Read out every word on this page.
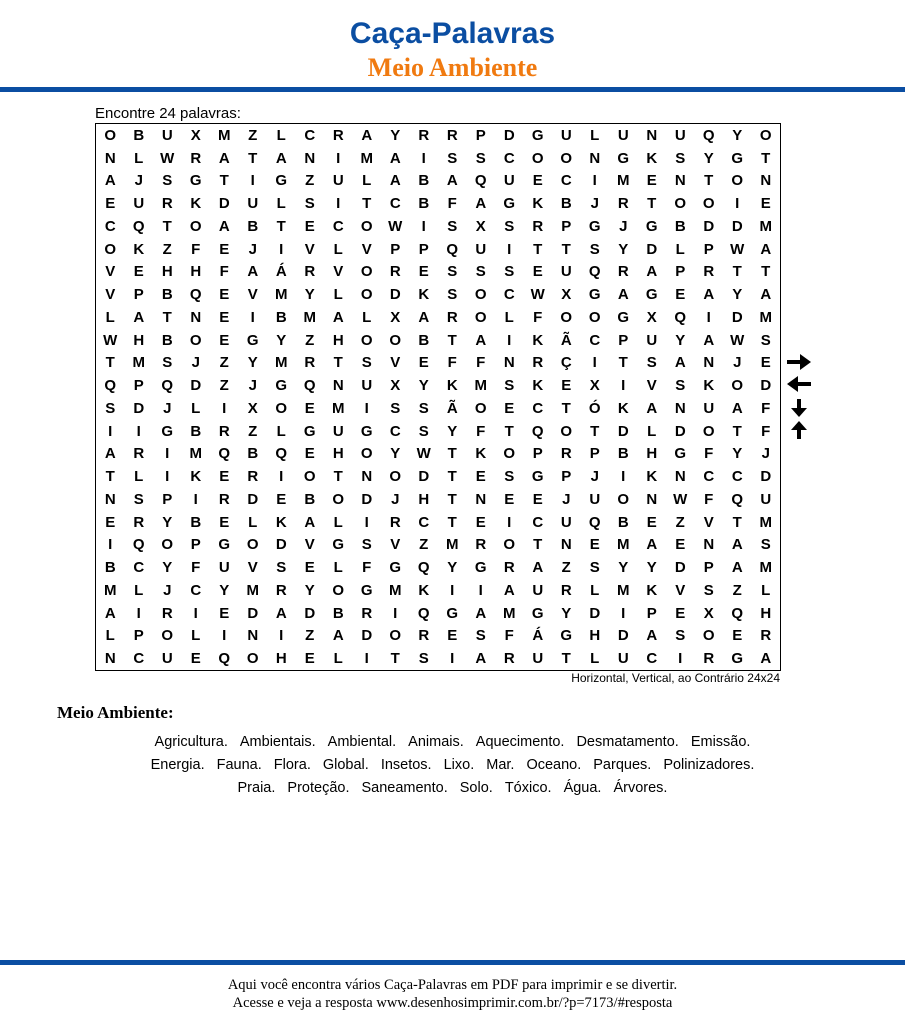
Caça-Palavras
Meio Ambiente
Encontre 24 palavras:
O	B	U	X	M	Z	L	C	R	A	Y	R	R	P	D	G	U	L	U	N	U	Q	Y	O
N	L	W	R	A	T	A	N	I	M	A	I	S	S	C	O	O	N	G	K	S	Y	G	T
A	J	S	G	T	I	G	Z	U	L	A	B	A	Q	U	E	C	I	M	E	N	T	O	N
E	U	R	K	D	U	L	S	I	T	C	B	F	A	G	K	B	J	R	T	O	O	I	E
C	Q	T	O	A	B	T	E	C	O	W	I	S	X	S	R	P	G	J	G	B	D	D	M
O	K	Z	F	E	J	I	V	L	V	P	P	Q	U	I	T	T	S	Y	D	L	P	W	A
V	E	H	H	F	A	Á	R	V	O	R	E	S	S	S	E	U	Q	R	A	P	R	T	T
V	P	B	Q	E	V	M	Y	L	O	D	K	S	O	C	W	X	G	A	G	E	A	Y	A
L	A	T	N	E	I	B	M	A	L	X	A	R	O	L	F	O	O	G	X	Q	I	D	M
W	H	B	O	E	G	Y	Z	H	O	O	B	T	A	I	K	Ã	C	P	U	Y	A	W	S
T	M	S	J	Z	Y	M	R	T	S	V	E	F	F	N	R	Ç	I	T	S	A	N	J	E
Q	P	Q	D	Z	J	G	Q	N	U	X	Y	K	M	S	K	E	X	I	V	S	K	O	D
S	D	J	L	I	X	O	E	M	I	S	S	Ã	O	E	C	T	Ó	K	A	N	U	A	F
I	I	G	B	R	Z	L	G	U	G	C	S	Y	F	T	Q	O	T	D	L	D	O	T	F
A	R	I	M	Q	B	Q	E	H	O	Y	W	T	K	O	P	R	P	B	H	G	F	Y	J
T	L	I	K	E	R	I	O	T	N	O	D	T	E	S	G	P	J	I	K	N	C	C	D
N	S	P	I	R	D	E	B	O	D	J	H	T	N	E	E	J	U	O	N	W	F	Q	U
E	R	Y	B	E	L	K	A	L	I	R	C	T	E	I	C	U	Q	B	E	Z	V	T	M
I	Q	O	P	G	O	D	V	G	S	V	Z	M	R	O	T	N	E	M	A	E	N	A	S
B	C	Y	F	U	V	S	E	L	F	G	Q	Y	G	R	A	Z	S	Y	Y	D	P	A	M
M	L	J	C	Y	M	R	Y	O	G	M	K	I	I	A	U	R	L	M	K	V	S	Z	L
A	I	R	I	E	D	A	D	B	R	I	Q	G	A	M	G	Y	D	I	P	E	X	Q	H
L	P	O	L	I	N	I	Z	A	D	O	R	E	S	F	Á	G	H	D	A	S	O	E	R
N	C	U	E	Q	O	H	E	L	I	T	S	I	A	R	U	T	L	U	C	I	R	G	A
Horizontal, Vertical, ao Contrário 24x24
Meio Ambiente:
Agricultura. Ambientais. Ambiental. Animais. Aquecimento. Desmatamento. Emissão.
Energia. Fauna. Flora. Global. Insetos. Lixo. Mar. Oceano. Parques. Polinizadores.
Praia. Proteção. Saneamento. Solo. Tóxico. Água. Árvores.
Aqui você encontra vários Caça-Palavras em PDF para imprimir e se divertir.
Acesse e veja a resposta www.desenhosimprimir.com.br/?p=7173/#resposta
